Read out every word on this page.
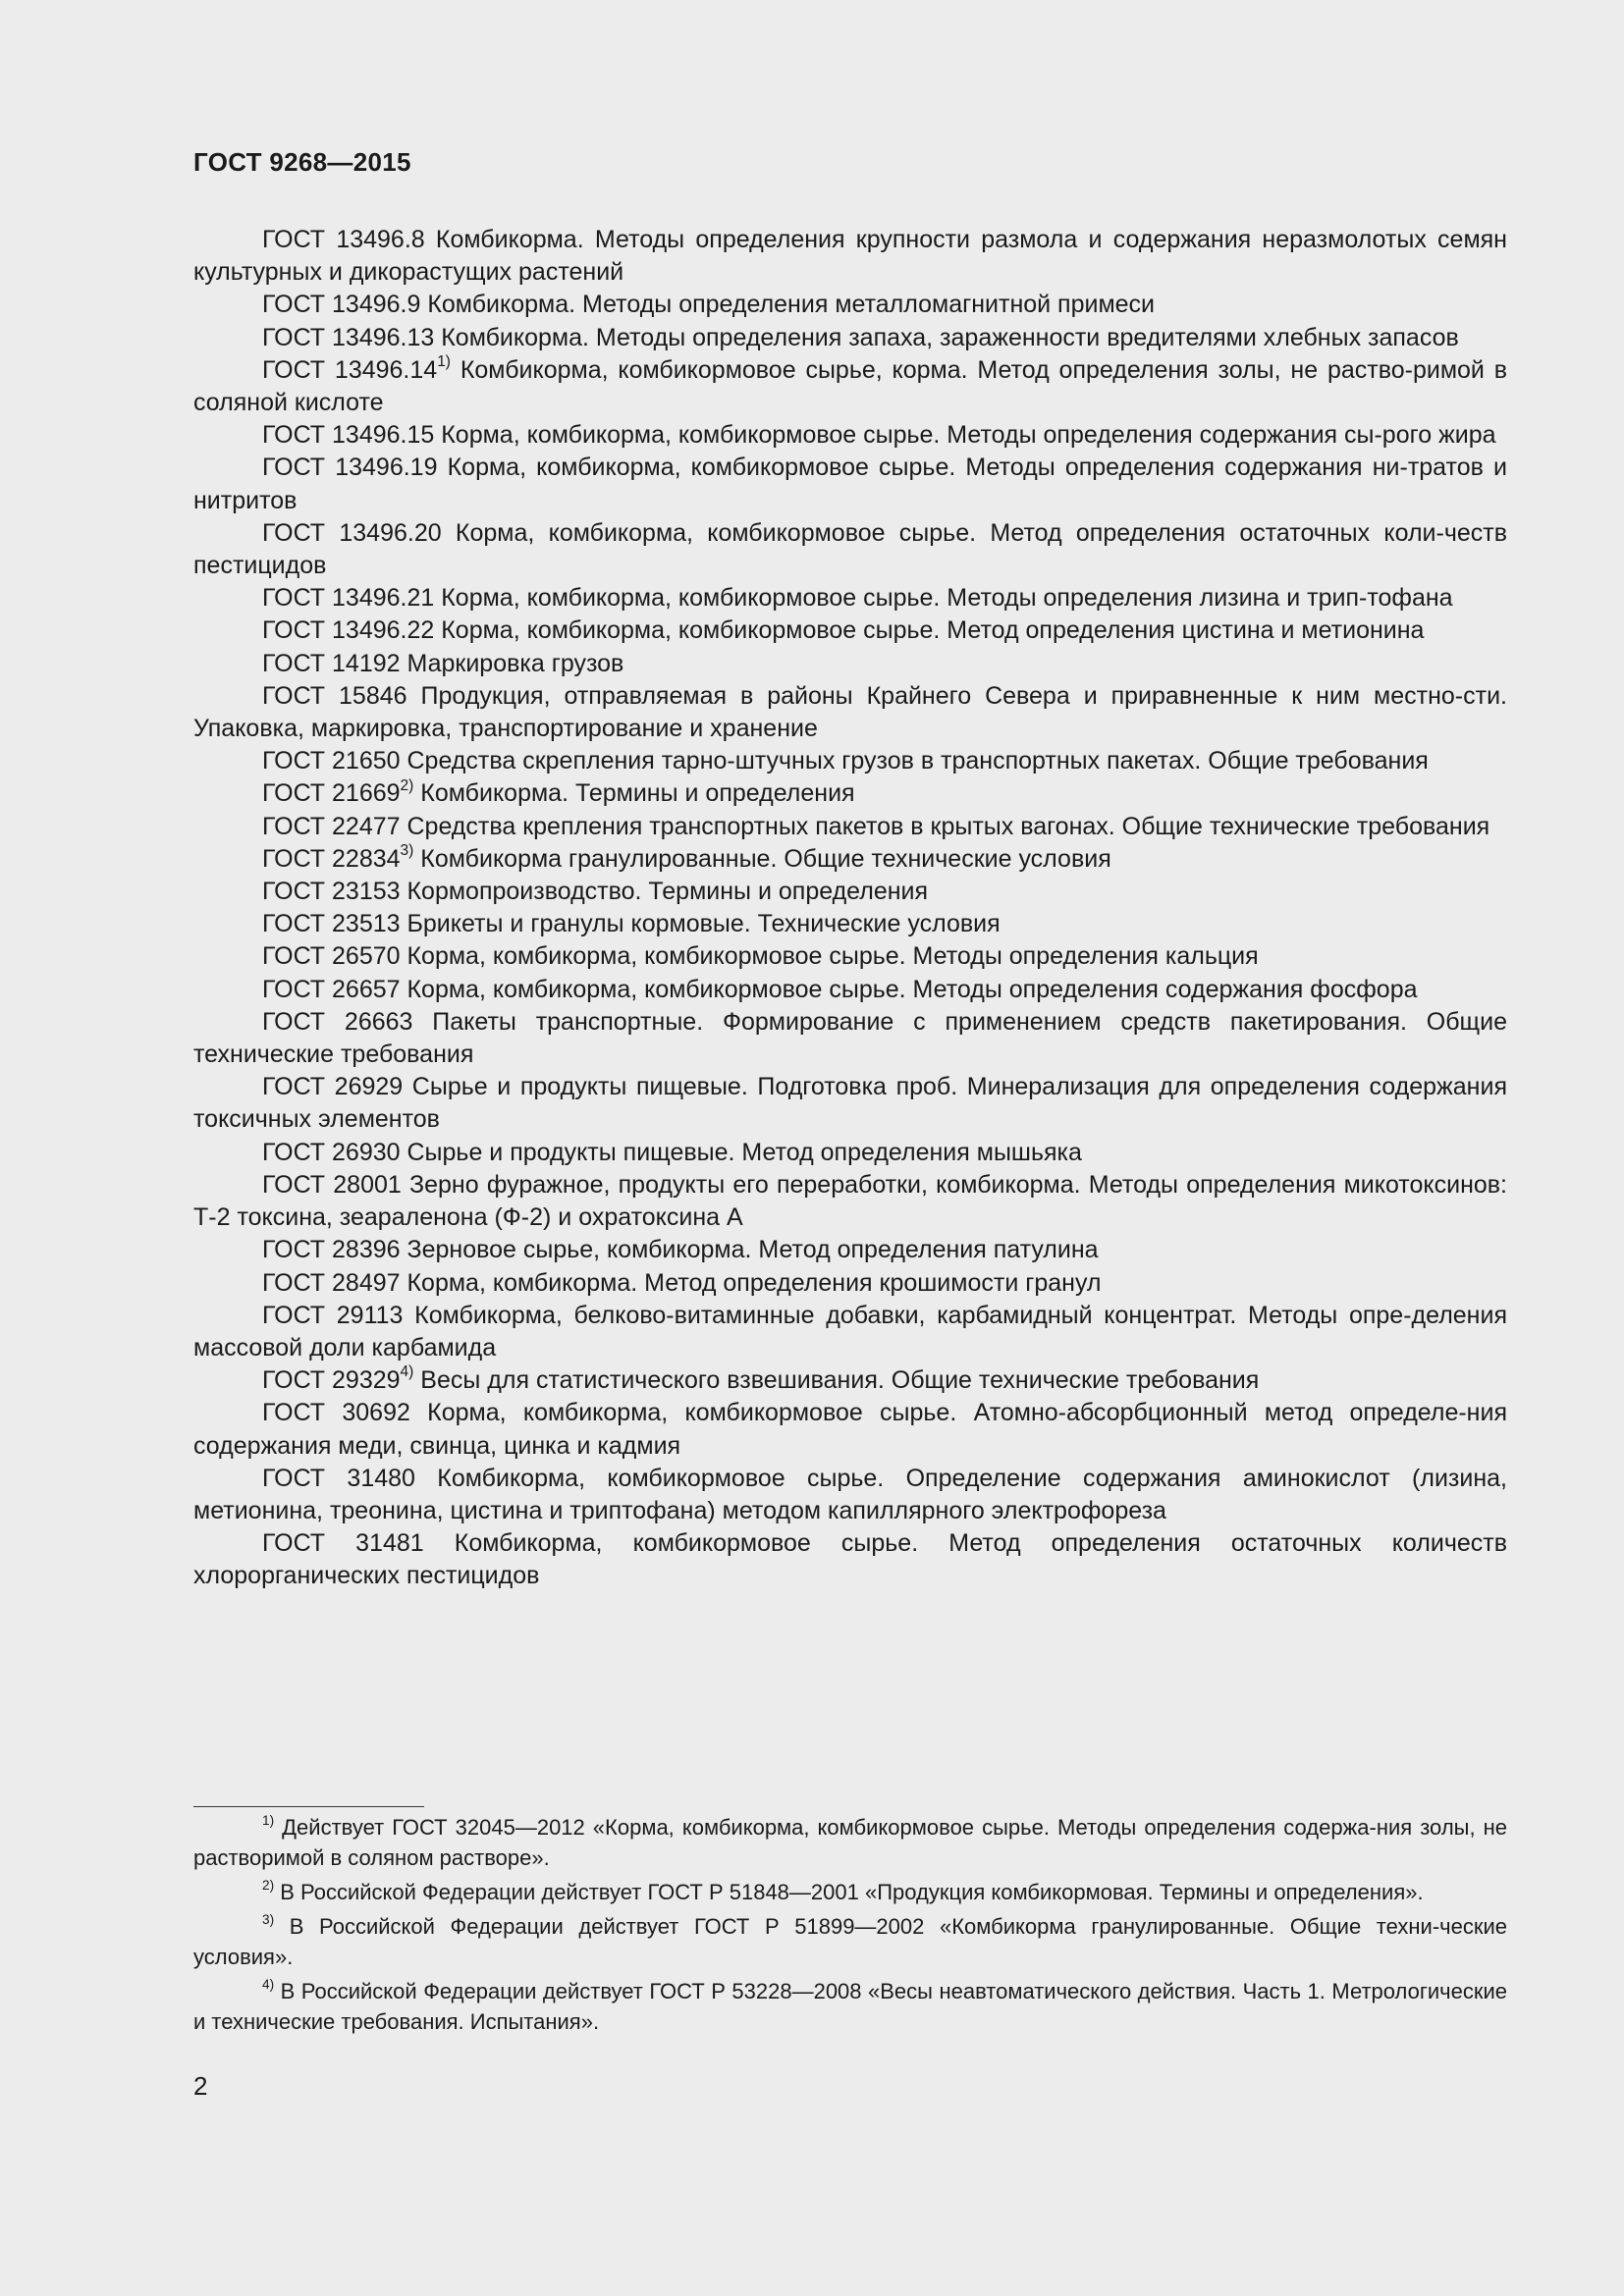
ГОСТ 9268—2015

ГОСТ 13496.8 Комбикорма. Методы определения крупности размола и содержания неразмолотых семян культурных и дикорастущих растений

ГОСТ 13496.9 Комбикорма. Методы определения металломагнитной примеси

ГОСТ 13496.13 Комбикорма. Методы определения запаха, зараженности вредителями хлебных запасов

ГОСТ 13496.14$^{1)}$ Комбикорма, комбикормовое сырье, корма. Метод определения золы, не раство-римой в соляной кислоте

ГОСТ 13496.15 Корма, комбикорма, комбикормовое сырье. Методы определения содержания сы-рого жира

ГОСТ 13496.19 Корма, комбикорма, комбикормовое сырье. Методы определения содержания ни-тратов и нитритов

ГОСТ 13496.20 Корма, комбикорма, комбикормовое сырье. Метод определения остаточных коли-честв пестицидов

ГОСТ 13496.21 Корма, комбикорма, комбикормовое сырье. Методы определения лизина и трип-тофана

ГОСТ 13496.22 Корма, комбикорма, комбикормовое сырье. Метод определения цистина и метионина

ГОСТ 14192 Маркировка грузов

ГОСТ 15846 Продукция, отправляемая в районы Крайнего Севера и приравненные к ним местно-сти. Упаковка, маркировка, транспортирование и хранение

ГОСТ 21650 Средства скрепления тарно-штучных грузов в транспортных пакетах. Общие требования

ГОСТ 21669$^{2)}$ Комбикорма. Термины и определения

ГОСТ 22477 Средства крепления транспортных пакетов в крытых вагонах. Общие технические требования

ГОСТ 22834$^{3)}$ Комбикорма гранулированные. Общие технические условия

ГОСТ 23153 Кормопроизводство. Термины и определения

ГОСТ 23513 Брикеты и гранулы кормовые. Технические условия

ГОСТ 26570 Корма, комбикорма, комбикормовое сырье. Методы определения кальция

ГОСТ 26657 Корма, комбикорма, комбикормовое сырье. Методы определения содержания фосфора

ГОСТ 26663 Пакеты транспортные. Формирование с применением средств пакетирования. Общие технические требования

ГОСТ 26929 Сырье и продукты пищевые. Подготовка проб. Минерализация для определения содержания токсичных элементов

ГОСТ 26930 Сырье и продукты пищевые. Метод определения мышьяка

ГОСТ 28001 Зерно фуражное, продукты его переработки, комбикорма. Методы определения микотоксинов: Т-2 токсина, зеараленона (Ф-2) и охратоксина А

ГОСТ 28396 Зерновое сырье, комбикорма. Метод определения патулина

ГОСТ 28497 Корма, комбикорма. Метод определения крошимости гранул

ГОСТ 29113 Комбикорма, белково-витаминные добавки, карбамидный концентрат. Методы опре-деления массовой доли карбамида

ГОСТ 29329$^{4)}$ Весы для статистического взвешивания. Общие технические требования

ГОСТ 30692 Корма, комбикорма, комбикормовое сырье. Атомно-абсорбционный метод определе-ния содержания меди, свинца, цинка и кадмия

ГОСТ 31480 Комбикорма, комбикормовое сырье. Определение содержания аминокислот (лизина, метионина, треонина, цистина и триптофана) методом капиллярного электрофореза

ГОСТ 31481 Комбикорма, комбикормовое сырье. Метод определения остаточных количеств хлорорганических пестицидов

$^{1)}$ Действует ГОСТ 32045—2012 «Корма, комбикорма, комбикормовое сырье. Методы определения содержа-ния золы, не растворимой в соляном растворе».

$^{2)}$ В Российской Федерации действует ГОСТ Р 51848—2001 «Продукция комбикормовая. Термины и определения».

$^{3)}$ В Российской Федерации действует ГОСТ Р 51899—2002 «Комбикорма гранулированные. Общие техни-ческие условия».

$^{4)}$ В Российской Федерации действует ГОСТ Р 53228—2008 «Весы неавтоматического действия. Часть 1. Метрологические и технические требования. Испытания».

2
